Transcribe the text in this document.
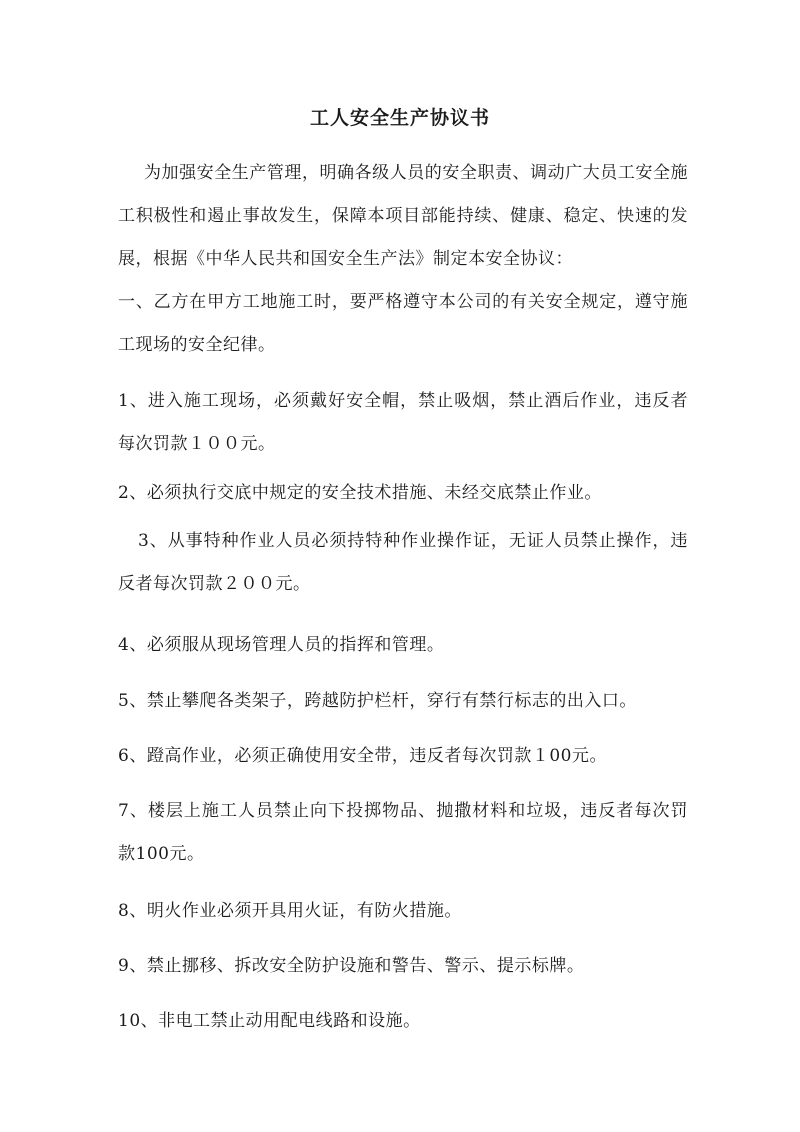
工人安全生产协议书
为加强安全生产管理，明确各级人员的安全职责、调动广大员工安全施工积极性和遏止事故发生，保障本项目部能持续、健康、稳定、快速的发展，根据《中华人民共和国安全生产法》制定本安全协议：
一、乙方在甲方工地施工时，要严格遵守本公司的有关安全规定，遵守施工现场的安全纪律。
1、进入施工现场，必须戴好安全帽，禁止吸烟，禁止酒后作业，违反者每次罚款１００元。
2、必须执行交底中规定的安全技术措施、未经交底禁止作业。
3、从事特种作业人员必须持特种作业操作证，无证人员禁止操作，违反者每次罚款２００元。
4、必须服从现场管理人员的指挥和管理。
5、禁止攀爬各类架子，跨越防护栏杆，穿行有禁行标志的出入口。
6、蹬高作业，必须正确使用安全带，违反者每次罚款１00元。
7、楼层上施工人员禁止向下投掷物品、抛撒材料和垃圾，违反者每次罚款100元。
8、明火作业必须开具用火证，有防火措施。
9、禁止挪移、拆改安全防护设施和警告、警示、提示标牌。
10、非电工禁止动用配电线路和设施。
